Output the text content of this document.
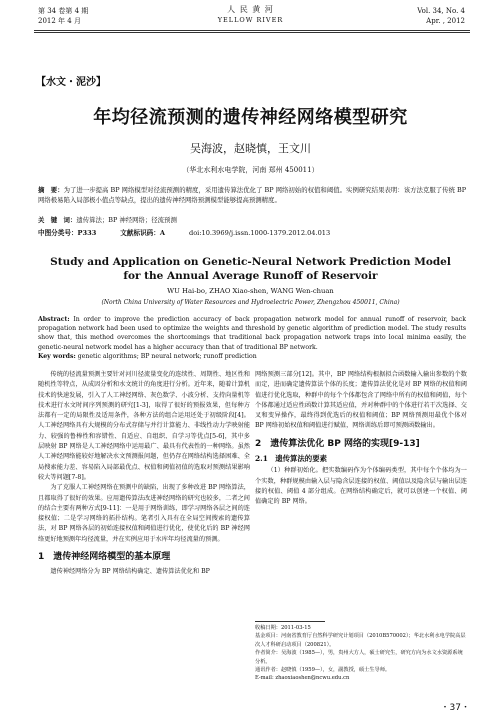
第 34 卷第 4 期
2012 年 4 月
人 民 黄 河
YELLOW RIVER
Vol. 34, No. 4
Apr. , 2012
【水文・泥沙】
年均径流预测的遗传神经网络模型研究
吴海波，赵晓慎，王文川
（华北水利水电学院，河南 郑州 450011）
摘　要：为了进一步提高 BP 网络模型对径流预测的精度，采用遗传算法优化了 BP 网络初始的权值和阈值。实例研究结果表明：该方法克服了传统 BP 网络极易陷入局部极小值点等缺点，提出的遗传神经网络预测模型能够提高预测精度。
关　键　词：遗传算法；BP 神经网络；径流预测
中图分类号：P333	文献标识码：A	doi:10.3969/j.issn.1000-1379.2012.04.013
Study and Application on Genetic-Neural Network Prediction Model for the Annual Average Runoff of Reservoir
WU Hai-bo, ZHAO Xiao-shen, WANG Wen-chuan
(North China University of Water Resources and Hydroelectric Power, Zhengzhou 450011, China)
Abstract: In order to improve the prediction accuracy of back propagation network model for annual runoff of reservoir, back propagation network had been used to optimize the weights and threshold by genetic algorithm of prediction model. The study results show that, this method overcomes the shortcomings that traditional back propagation network traps into local minima easily, the genetic-neural network model has a higher accuracy than that of traditional BP network.
Key words: genetic algorithms; BP neural network; runoff prediction

传统的径流量预测主要针对河川径流量变化的连续性、周期性、地区性和随机性等特点，从成因分析和水文统计的角度进行分析。近年来，随着计算机技术的快速发展，引入了人工神经网络、灰色数学、小波分析、支持向量机等技术进行水文时间序列预测的研究[1-3]，取得了很好的预报效果，但每种方法都有一定的局限性及适用条件，各种方法的组合运用还处于初级阶段[4]。人工神经网络具有大规模的分布式存储与并行计算能力、非线性动力学映射能力、较强的鲁棒性和容错性、自适应、自组织、自学习等优点[5-6]，其中多层映射 BP 网络是人工神经网络中运用最广、最具有代表性的一种网络。虽然人工神经网络能较好地解决水文预测报问题，但仍存在网络结构选择困难、全局搜索能力差、容易陷入局部最优点、权值和阈值初值的选取对预测结果影响较大等问题[7-8]。

为了克服人工神经网络在预测中的缺陷，出现了多种改进 BP 网络算法，且都取得了很好的效果。应用遗传算法改进神经网络的研究也较多，二者之间的结合主要有两种方式[9-11]：一是用于网络训练，即学习网络各层之间的连接权值；二是学习网络的拓扑结构。笔者引入具有在全局空间搜索的遗传算法，对 BP 网络各层的初始连接权值和阈值进行优化，使优化后的 BP 神经网络更好地预测年均径流量，并在实例应用于水库年均径流量的预测。

1　遗传神经网络模型的基本原理

遗传神经网络分为 BP 网络结构确定、遗传算法优化和 BP

网络预测三部分[12]。其中，BP 网络结构根据拟合函数输入输出参数的个数而定，进而确定遗传算法个体的长度；遗传算法优化是对 BP 网络的权值和阈值进行优化选取，种群中的每个个体都包含了网络中所有的权值和阈值，每个个体都通过适应性函数计算其适应值，并对种群中的个体进行若干次选择、交叉和变异操作，最终得到优选后的权值和阈值；BP 网络预测用最优个体对 BP 网络初始权值和阈值进行赋值，网络训练后即可预测函数输出。

2　遗传算法优化 BP 网络的实现[9-13]
2.1　遗传算法的要素

（1）种群初始化。把实数编码作为个体编码类型，其中每个个体均为一个实数，种群规模由输入层与隐含层连接的权值、阈值以及隐含层与输出层连接的权值、阈值 4 部分组成。在网络结构确定后，就可以创建一个权值、阈值确定的 BP 网络。

收稿日期：2011-03-15
基金项目：河南省教育厅自然科学研究计划项目（2010B570002）；华北水利水电学院高层次人才科研启动项目（200821）。
作者简介：吴海波（1985—），男，贵州大方人，硕士研究生，研究方向为水文水资源系统分析。
通讯作者：赵晓慎（1959—），女，副教授，硕士生导师。
E-mail: zhaoxiaoshen@ncwu.edu.cn
・37・
